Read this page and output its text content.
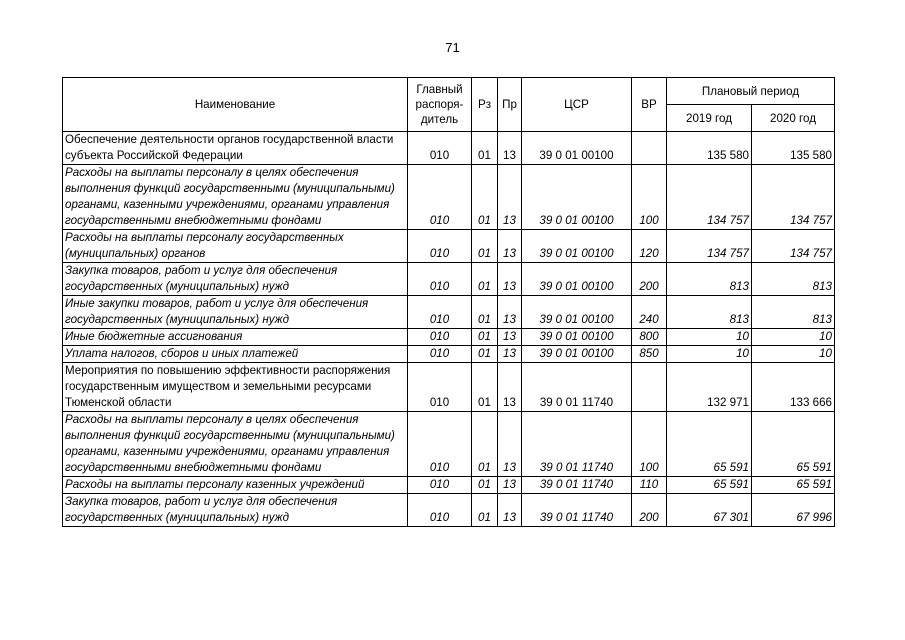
71
Наименование	Главный
распоря-
дитель	Рз	Пр	ЦСР	ВР	Плановый период	
						2019 год	2020 год
Обеспечение деятельности органов государственной власти субъекта Российской Федерации	010	01	13	39 0 01 00100		135 580	135 580
Расходы на выплаты персоналу в целях обеспечения выполнения функций государственными (муниципальными) органами, казенными учреждениями, органами управления государственными внебюджетными фондами	010	01	13	39 0 01 00100	100	134 757	134 757
Расходы на выплаты персоналу государственных (муниципальных) органов	010	01	13	39 0 01 00100	120	134 757	134 757
Закупка товаров, работ и услуг для обеспечения государственных (муниципальных) нужд	010	01	13	39 0 01 00100	200	813	813
Иные закупки товаров, работ и услуг для обеспечения государственных (муниципальных) нужд	010	01	13	39 0 01 00100	240	813	813
Иные бюджетные ассигнования	010	01	13	39 0 01 00100	800	10	10
Уплата налогов, сборов и иных платежей	010	01	13	39 0 01 00100	850	10	10
Мероприятия по повышению эффективности распоряжения государственным имуществом и земельными ресурсами Тюменской области	010	01	13	39 0 01 11740		132 971	133 666
Расходы на выплаты персоналу в целях обеспечения выполнения функций государственными (муниципальными) органами, казенными учреждениями, органами управления государственными внебюджетными фондами	010	01	13	39 0 01 11740	100	65 591	65 591
Расходы на выплаты персоналу казенных учреждений	010	01	13	39 0 01 11740	110	65 591	65 591
Закупка товаров, работ и услуг для обеспечения государственных (муниципальных) нужд	010	01	13	39 0 01 11740	200	67 301	67 996
